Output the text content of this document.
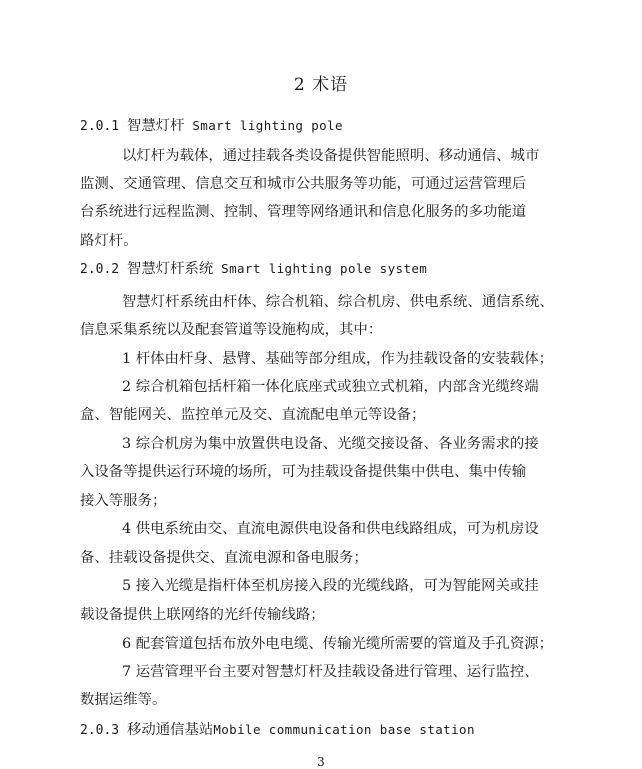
2 术语
2.0.1 智慧灯杆 Smart lighting pole
以灯杆为载体，通过挂载各类设备提供智能照明、移动通信、城市
监测、交通管理、信息交互和城市公共服务等功能，可通过运营管理后
台系统进行远程监测、控制、管理等网络通讯和信息化服务的多功能道
路灯杆。
2.0.2 智慧灯杆系统 Smart lighting pole system
智慧灯杆系统由杆体、综合机箱、综合机房、供电系统、通信系统、
信息采集系统以及配套管道等设施构成，其中：
1 杆体由杆身、悬臂、基础等部分组成，作为挂载设备的安装载体；
2 综合机箱包括杆箱一体化底座式或独立式机箱，内部含光缆终端
盒、智能网关、监控单元及交、直流配电单元等设备；
3 综合机房为集中放置供电设备、光缆交接设备、各业务需求的接
入设备等提供运行环境的场所，可为挂载设备提供集中供电、集中传输
接入等服务；
4 供电系统由交、直流电源供电设备和供电线路组成，可为机房设
备、挂载设备提供交、直流电源和备电服务；
5 接入光缆是指杆体至机房接入段的光缆线路，可为智能网关或挂
载设备提供上联网络的光纤传输线路；
6 配套管道包括布放外电电缆、传输光缆所需要的管道及手孔资源；
7 运营管理平台主要对智慧灯杆及挂载设备进行管理、运行监控、
数据运维等。
2.0.3 移动通信基站Mobile communication base station
3
